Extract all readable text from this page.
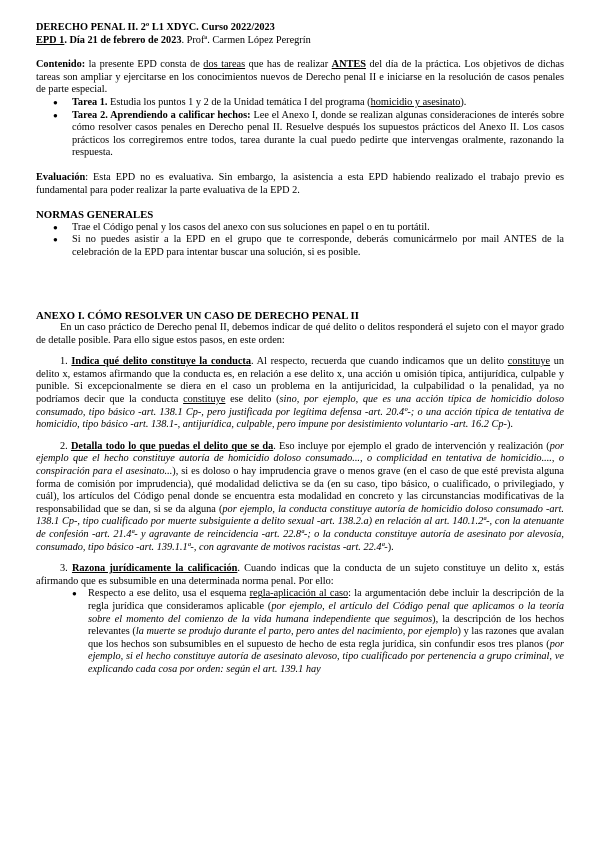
DERECHO PENAL II. 2º L1 XDYC. Curso 2022/2023

EPD 1. Día 21 de febrero de 2023. Profª. Carmen López Peregrín

Contenido: la presente EPD consta de dos tareas que has de realizar ANTES del día de la práctica. Los objetivos de dichas tareas son ampliar y ejercitarse en los conocimientos nuevos de Derecho penal II e iniciarse en la resolución de casos penales de parte especial.

● Tarea 1. Estudia los puntos 1 y 2 de la Unidad temática I del programa (homicidio y asesinato).
● Tarea 2. Aprendiendo a calificar hechos: Lee el Anexo I, donde se realizan algunas consideraciones de interés sobre cómo resolver casos penales en Derecho penal II. Resuelve después los supuestos prácticos del Anexo II. Los casos prácticos los corregiremos entre todos, tarea durante la cual puedo pedirte que intervengas oralmente, razonando la respuesta.

Evaluación: Esta EPD no es evaluativa. Sin embargo, la asistencia a esta EPD habiendo realizado el trabajo previo es fundamental para poder realizar la parte evaluativa de la EPD 2.

NORMAS GENERALES

● Trae el Código penal y los casos del anexo con sus soluciones en papel o en tu portátil.
● Si no puedes asistir a la EPD en el grupo que te corresponde, deberás comunicármelo por mail ANTES de la celebración de la EPD para intentar buscar una solución, si es posible.

ANEXO I. CÓMO RESOLVER UN CASO DE DERECHO PENAL II

En un caso práctico de Derecho penal II, debemos indicar de qué delito o delitos responderá el sujeto con el mayor grado de detalle posible. Para ello sigue estos pasos, en este orden:

1. Indica qué delito constituye la conducta. Al respecto, recuerda que cuando indicamos que un delito constituye un delito x, estamos afirmando que la conducta es, en relación a ese delito x, una acción u omisión típica, antijurídica, culpable y punible. Si excepcionalmente se diera en el caso un problema en la antijuricidad, la culpabilidad o la penalidad, ya no podríamos decir que la conducta constituye ese delito (sino, por ejemplo, que es una acción típica de homicidio doloso consumado, tipo básico -art. 138.1 Cp-, pero justificada por legítima defensa -art. 20.4º-; o una acción típica de tentativa de homicidio, tipo básico -art. 138.1-, antijurídica, culpable, pero impune por desistimiento voluntario -art. 16.2 Cp-).

2. Detalla todo lo que puedas el delito que se da. Eso incluye por ejemplo el grado de intervención y realización (por ejemplo que el hecho constituye autoría de homicidio doloso consumado..., o complicidad en tentativa de homicidio...., o conspiración para el asesinato...), si es doloso o hay imprudencia grave o menos grave (en el caso de que esté prevista alguna forma de comisión por imprudencia), qué modalidad delictiva se da (en su caso, tipo básico, o cualificado, o privilegiado, y cuál), los artículos del Código penal donde se encuentra esta modalidad en concreto y las circunstancias modificativas de la responsabilidad que se dan, si se da alguna (por ejemplo, la conducta constituye autoría de homicidio doloso consumado -art. 138.1 Cp-, tipo cualificado por muerte subsiguiente a delito sexual -art. 138.2.a) en relación al art. 140.1.2ª-, con la atenuante de confesión -art. 21.4ª- y agravante de reincidencia -art. 22.8ª-; o la conducta constituye autoría de asesinato por alevosía, consumado, tipo básico -art. 139.1.1ª-, con agravante de motivos racistas -art. 22.4ª-).

3. Razona jurídicamente la calificación. Cuando indicas que la conducta de un sujeto constituye un delito x, estás afirmando que es subsumible en una determinada norma penal. Por ello:

● Respecto a ese delito, usa el esquema regla-aplicación al caso: la argumentación debe incluir la descripción de la regla jurídica que consideramos aplicable (por ejemplo, el artículo del Código penal que aplicamos o la teoría sobre el momento del comienzo de la vida humana independiente que seguimos), la descripción de los hechos relevantes (la muerte se produjo durante el parto, pero antes del nacimiento, por ejemplo) y las razones que avalan que los hechos son subsumibles en el supuesto de hecho de esta regla jurídica, sin confundir esos tres planos (por ejemplo, si el hecho constituye autoría de asesinato alevoso, tipo cualificado por pertenencia a grupo criminal, ve explicando cada cosa por orden: según el art. 139.1 hay
